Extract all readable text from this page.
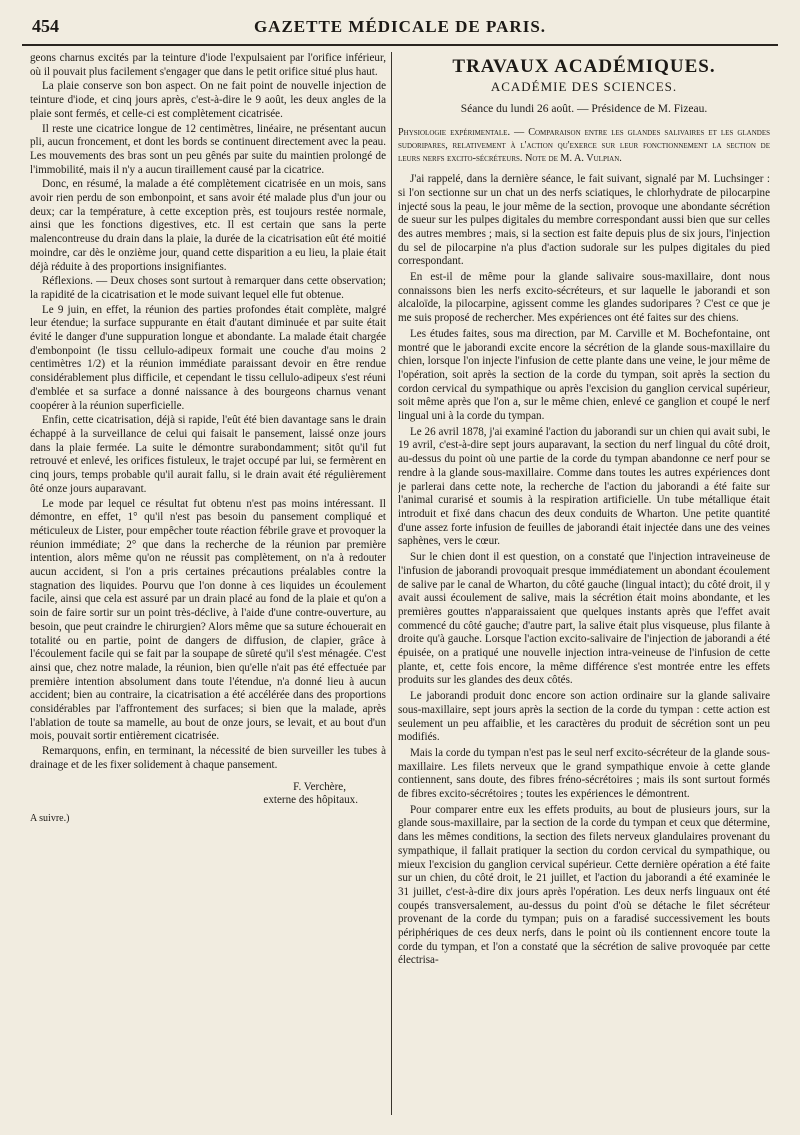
454	GAZETTE MÉDICALE DE PARIS.

geons charnus excités par la teinture d'iode l'expulsaient par l'orifice inférieur, où il pouvait plus facilement s'engager que dans le petit orifice situé plus haut.

La plaie conserve son bon aspect. On ne fait point de nouvelle injection de teinture d'iode, et cinq jours après, c'est-à-dire le 9 août, les deux angles de la plaie sont fermés, et celle-ci est complètement cicatrisée.

Il reste une cicatrice longue de 12 centimètres, linéaire, ne présentant aucun pli, aucun froncement, et dont les bords se continuent directement avec la peau. Les mouvements des bras sont un peu gênés par suite du maintien prolongé de l'immobilité, mais il n'y a aucun tiraillement causé par la cicatrice.

Donc, en résumé, la malade a été complètement cicatrisée en un mois, sans avoir rien perdu de son embonpoint, et sans avoir été malade plus d'un jour ou deux; car la température, à cette exception près, est toujours restée normale, ainsi que les fonctions digestives, etc. Il est certain que sans la perte malencontreuse du drain dans la plaie, la durée de la cicatrisation eût été moitié moindre, car dès le onzième jour, quand cette disparition a eu lieu, la plaie était déjà réduite à des proportions insignifiantes.

Réflexions. — Deux choses sont surtout à remarquer dans cette observation; la rapidité de la cicatrisation et le mode suivant lequel elle fut obtenue.

Le 9 juin, en effet, la réunion des parties profondes était complète, malgré leur étendue; la surface suppurante en était d'autant diminuée et par suite était évité le danger d'une suppuration longue et abondante. La malade était chargée d'embonpoint (le tissu cellulo-adipeux formait une couche d'au moins 2 centimètres 1/2) et la réunion immédiate paraissant devoir en être rendue considérablement plus difficile, et cependant le tissu cellulo-adipeux s'est réuni d'emblée et sa surface a donné naissance à des bourgeons charnus venant coopérer à la réunion superficielle.

Enfin, cette cicatrisation, déjà si rapide, l'eût été bien davantage sans le drain échappé à la surveillance de celui qui faisait le pansement, laissé onze jours dans la plaie fermée. La suite le démontre surabondamment; sitôt qu'il fut retrouvé et enlevé, les orifices fistuleux, le trajet occupé par lui, se fermèrent en cinq jours, temps probable qu'il aurait fallu, si le drain avait été régulièrement ôté onze jours auparavant.

Le mode par lequel ce résultat fut obtenu n'est pas moins intéressant. Il démontre, en effet, 1° qu'il n'est pas besoin du pansement compliqué et méticuleux de Lister, pour empêcher toute réaction fébrile grave et provoquer la réunion immédiate; 2° que dans la recherche de la réunion par première intention, alors même qu'on ne réussit pas complètement, on n'a à redouter aucun accident, si l'on a pris certaines précautions préalables contre la stagnation des liquides. Pourvu que l'on donne à ces liquides un écoulement facile, ainsi que cela est assuré par un drain placé au fond de la plaie et qu'on a soin de faire sortir sur un point très-déclive, à l'aide d'une contre-ouverture, au besoin, que peut craindre le chirurgien? Alors même que sa suture échouerait en totalité ou en partie, point de dangers de diffusion, de clapier, grâce à l'écoulement facile qui se fait par la soupape de sûreté qu'il s'est ménagée. C'est ainsi que, chez notre malade, la réunion, bien qu'elle n'ait pas été effectuée par première intention absolument dans toute l'étendue, n'a donné lieu à aucun accident; bien au contraire, la cicatrisation a été accélérée dans des proportions considérables par l'affrontement des surfaces; si bien que la malade, après l'ablation de toute sa mamelle, au bout de onze jours, se levait, et au bout d'un mois, pouvait sortir entièrement cicatrisée.

Remarquons, enfin, en terminant, la nécessité de bien surveiller les tubes à drainage et de les fixer solidement à chaque pansement.

F. Verchère,
externe des hôpitaux.
A suivre.)
TRAVAUX ACADÉMIQUES.
ACADÉMIE DES SCIENCES.
Séance du lundi 26 août. — Présidence de M. Fizeau.
Physiologie expérimentale. — Comparaison entre les glandes salivaires et les glandes sudoripares, relativement à l'action qu'exerce sur leur fonctionnement la section de leurs nerfs excito-sécréteurs. Note de M. A. Vulpian.

J'ai rappelé, dans la dernière séance, le fait suivant, signalé par M. Luchsinger : si l'on sectionne sur un chat un des nerfs sciatiques, le chlorhydrate de pilocarpine injecté sous la peau, le jour même de la section, provoque une abondante sécrétion de sueur sur les pulpes digitales du membre correspondant aussi bien que sur celles des autres membres ; mais, si la section est faite depuis plus de six jours, l'injection du sel de pilocarpine n'a plus d'action sudorale sur les pulpes digitales du pied correspondant.

En est-il de même pour la glande salivaire sous-maxillaire, dont nous connaissons bien les nerfs excito-sécréteurs, et sur laquelle le jaborandi et son alcaloïde, la pilocarpine, agissent comme les glandes sudoripares ? C'est ce que je me suis proposé de rechercher. Mes expériences ont été faites sur des chiens.

Les études faites, sous ma direction, par M. Carville et M. Bochefontaine, ont montré que le jaborandi excite encore la sécrétion de la glande sous-maxillaire du chien, lorsque l'on injecte l'infusion de cette plante dans une veine, le jour même de l'opération, soit après la section de la corde du tympan, soit après la section du cordon cervical du sympathique ou après l'excision du ganglion cervical supérieur, soit même après que l'on a, sur le même chien, enlevé ce ganglion et coupé le nerf lingual uni à la corde du tympan.

Le 26 avril 1878, j'ai examiné l'action du jaborandi sur un chien qui avait subi, le 19 avril, c'est-à-dire sept jours auparavant, la section du nerf lingual du côté droit, au-dessus du point où une partie de la corde du tympan abandonne ce nerf pour se rendre à la glande sous-maxillaire. Comme dans toutes les autres expériences dont je parlerai dans cette note, la recherche de l'action du jaborandi a été faite sur l'animal curarisé et soumis à la respiration artificielle. Un tube métallique était introduit et fixé dans chacun des deux conduits de Wharton. Une petite quantité d'une assez forte infusion de feuilles de jaborandi était injectée dans une des veines saphènes, vers le cœur.

Sur le chien dont il est question, on a constaté que l'injection intraveineuse de l'infusion de jaborandi provoquait presque immédiatement un abondant écoulement de salive par le canal de Wharton, du côté gauche (lingual intact); du côté droit, il y avait aussi écoulement de salive, mais la sécrétion était moins abondante, et les premières gouttes n'apparaissaient que quelques instants après que l'effet avait commencé du côté gauche; d'autre part, la salive était plus visqueuse, plus filante à droite qu'à gauche. Lorsque l'action excito-salivaire de l'injection de jaborandi a été épuisée, on a pratiqué une nouvelle injection intra-veineuse de l'infusion de cette plante, et, cette fois encore, la même différence s'est montrée entre les effets produits sur les glandes des deux côtés.

Le jaborandi produit donc encore son action ordinaire sur la glande salivaire sous-maxillaire, sept jours après la section de la corde du tympan : cette action est seulement un peu affaiblie, et les caractères du produit de sécrétion sont un peu modifiés.

Mais la corde du tympan n'est pas le seul nerf excito-sécréteur de la glande sous-maxillaire. Les filets nerveux que le grand sympathique envoie à cette glande contiennent, sans doute, des fibres fréno-sécrétoires ; mais ils sont surtout formés de fibres excito-sécrétoires ; toutes les expériences le démontrent.

Pour comparer entre eux les effets produits, au bout de plusieurs jours, sur la glande sous-maxillaire, par la section de la corde du tympan et ceux que détermine, dans les mêmes conditions, la section des filets nerveux glandulaires provenant du sympathique, il fallait pratiquer la section du cordon cervical du sympathique, ou mieux l'excision du ganglion cervical supérieur. Cette dernière opération a été faite sur un chien, du côté droit, le 21 juillet, et l'action du jaborandi a été examinée le 31 juillet, c'est-à-dire dix jours après l'opération. Les deux nerfs linguaux ont été coupés transversalement, au-dessus du point d'où se détache le filet sécréteur provenant de la corde du tympan; puis on a faradisé successivement les bouts périphériques de ces deux nerfs, dans le point où ils contiennent encore toute la corde du tympan, et l'on a constaté que la sécrétion de salive provoquée par cette électrisa-
